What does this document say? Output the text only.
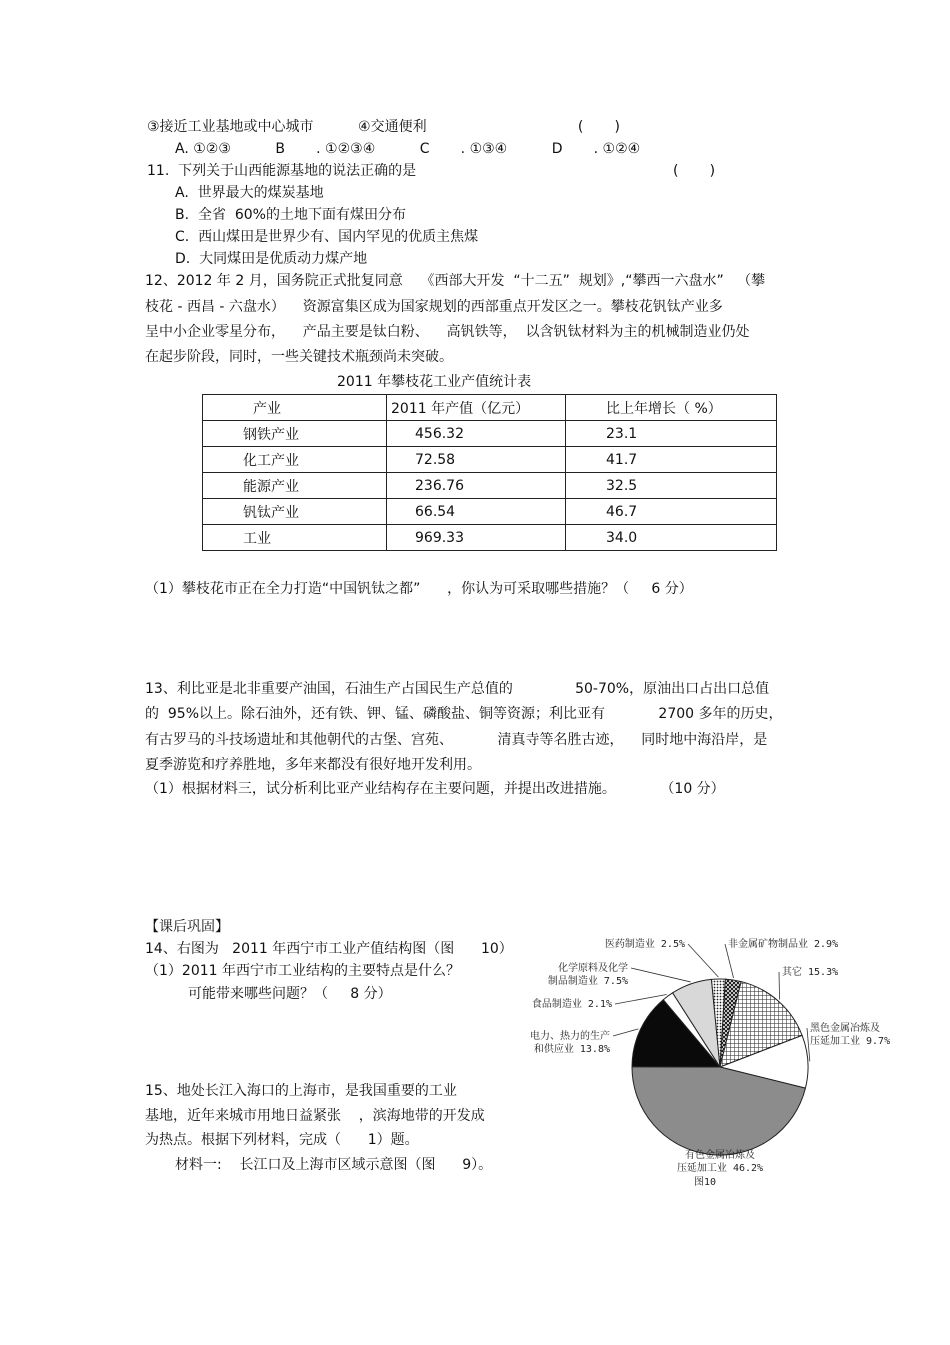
③接近工业基地或中心城市          ④交通便利                                  (       )
A. ①②③          B       . ①②③④          C       . ①③④          D       . ①②④
11.  下列关于山西能源基地的说法正确的是	(       )
A.  世界最大的煤炭基地
B.  全省  60%的土地下面有煤田分布
C.  西山煤田是世界少有、国内罕见的优质主焦煤
D.  大同煤田是优质动力煤产地
12、2012 年 2 月，国务院正式批复同意    《西部大开发  “十二五”  规划》,“攀西一六盘水”   （攀
枝花 - 西昌 - 六盘水）    资源富集区成为国家规划的西部重点开发区之一。攀枝花钒钛产业多
呈中小企业零星分布，    产品主要是钛白粉、    高钒铁等，  以含钒钛材料为主的机械制造业仍处
在起步阶段，同时，一些关键技术瓶颈尚未突破。
2011 年攀枝花工业产值统计表
产业	2011 年产值（亿元）	比上年增长（ %）
钢铁产业	456.32	23.1
化工产业	72.58	41.7
能源产业	236.76	32.5
钒钛产业	66.54	46.7
工业	969.33	34.0
（1）攀枝花市正在全力打造“中国钒钛之都”      ，你认为可采取哪些措施？（     6 分）
13、利比亚是北非重要产油国，石油生产占国民生产总值的              50-70%，原油出口占出口总值
的  95%以上。除石油外，还有铁、钾、锰、磷酸盐、铜等资源；利比亚有            2700 多年的历史，
有古罗马的斗技场遗址和其他朝代的古堡、宫苑、          清真寺等名胜古迹，    同时地中海沿岸，是
夏季游览和疗养胜地，多年来都没有很好地开发利用。
（1）根据材料三，试分析利比亚产业结构存在主要问题，并提出改进措施。          （10 分）
【课后巩固】
14、右图为   2011 年西宁市工业产值结构图（图      10）
（1）2011 年西宁市工业结构的主要特点是什么？
可能带来哪些问题？（     8 分）
15、地处长江入海口的上海市，是我国重要的工业
基地，近年来城市用地日益紧张    ，滨海地带的开发成
为热点。根据下列材料，完成（      1）题。
材料一:    长江口及上海市区域示意图（图      9）。
非金属矿物制品业 2.9%
其它 15.3%
黑色金属冶炼及
压延加工业 9.7%
有色金属冶炼及
压延加工业 46.2%
电力、热力的生产
和供应业 13.8%
食品制造业 2.1%
化学原料及化学
制品制造业 7.5%
医药制造业 2.5%
图10
